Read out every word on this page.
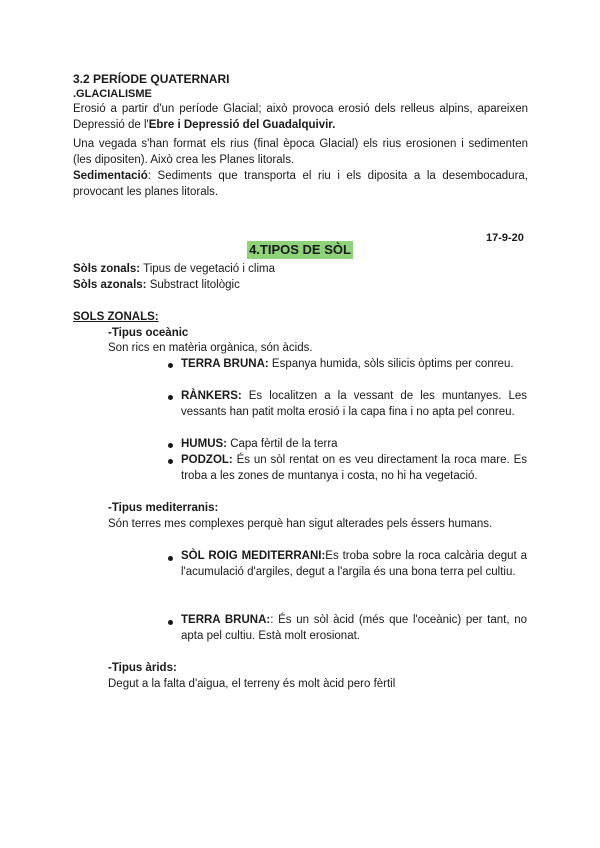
3.2 PERÍODE QUATERNARI
.GLACIALISME
Erosió a partir d'un període Glacial; això provoca erosió dels relleus alpins, apareixen Depressió de l'Ebre i Depressió del Guadalquivir.
Una vegada s'han format els rius (final època Glacial) els rius erosionen i sedimenten (les dipositen). Això crea les Planes litorals.
Sedimentació: Sediments que transporta el riu i els diposita a la desembocadura, provocant les planes litorals.
17-9-20
4.TIPOS DE SÒL
Sòls zonals: Tipus de vegetació i clima
Sòls azonals: Substract litològic
SOLS ZONALS:
-Tipus oceànic
Son rics en matèria orgànica, són àcids.
TERRA BRUNA: Espanya humida, sòls silicis òptims per conreu.
RÀNKERS: Es localitzen a la vessant de les muntanyes. Les vessants han patit molta erosió i la capa fina i no apta pel conreu.
HUMUS: Capa fèrtil de la terra
PODZOL: És un sòl rentat on es veu directament la roca mare. Es troba a les zones de muntanya i costa, no hi ha vegetació.
-Tipus mediterranis:
Són terres mes complexes perquè han sigut alterades pels éssers humans.
SÒL ROIG MEDITERRANI:Es troba sobre la roca calcària degut a l'acumulació d'argiles, degut a l'argila és una bona terra pel cultiu.
TERRA BRUNA:: És un sòl àcid (més que l'oceànic) per tant, no apta pel cultiu. Està molt erosionat.
-Tipus àrids:
Degut a la falta d'aigua, el terreny és molt àcid pero fèrtil
